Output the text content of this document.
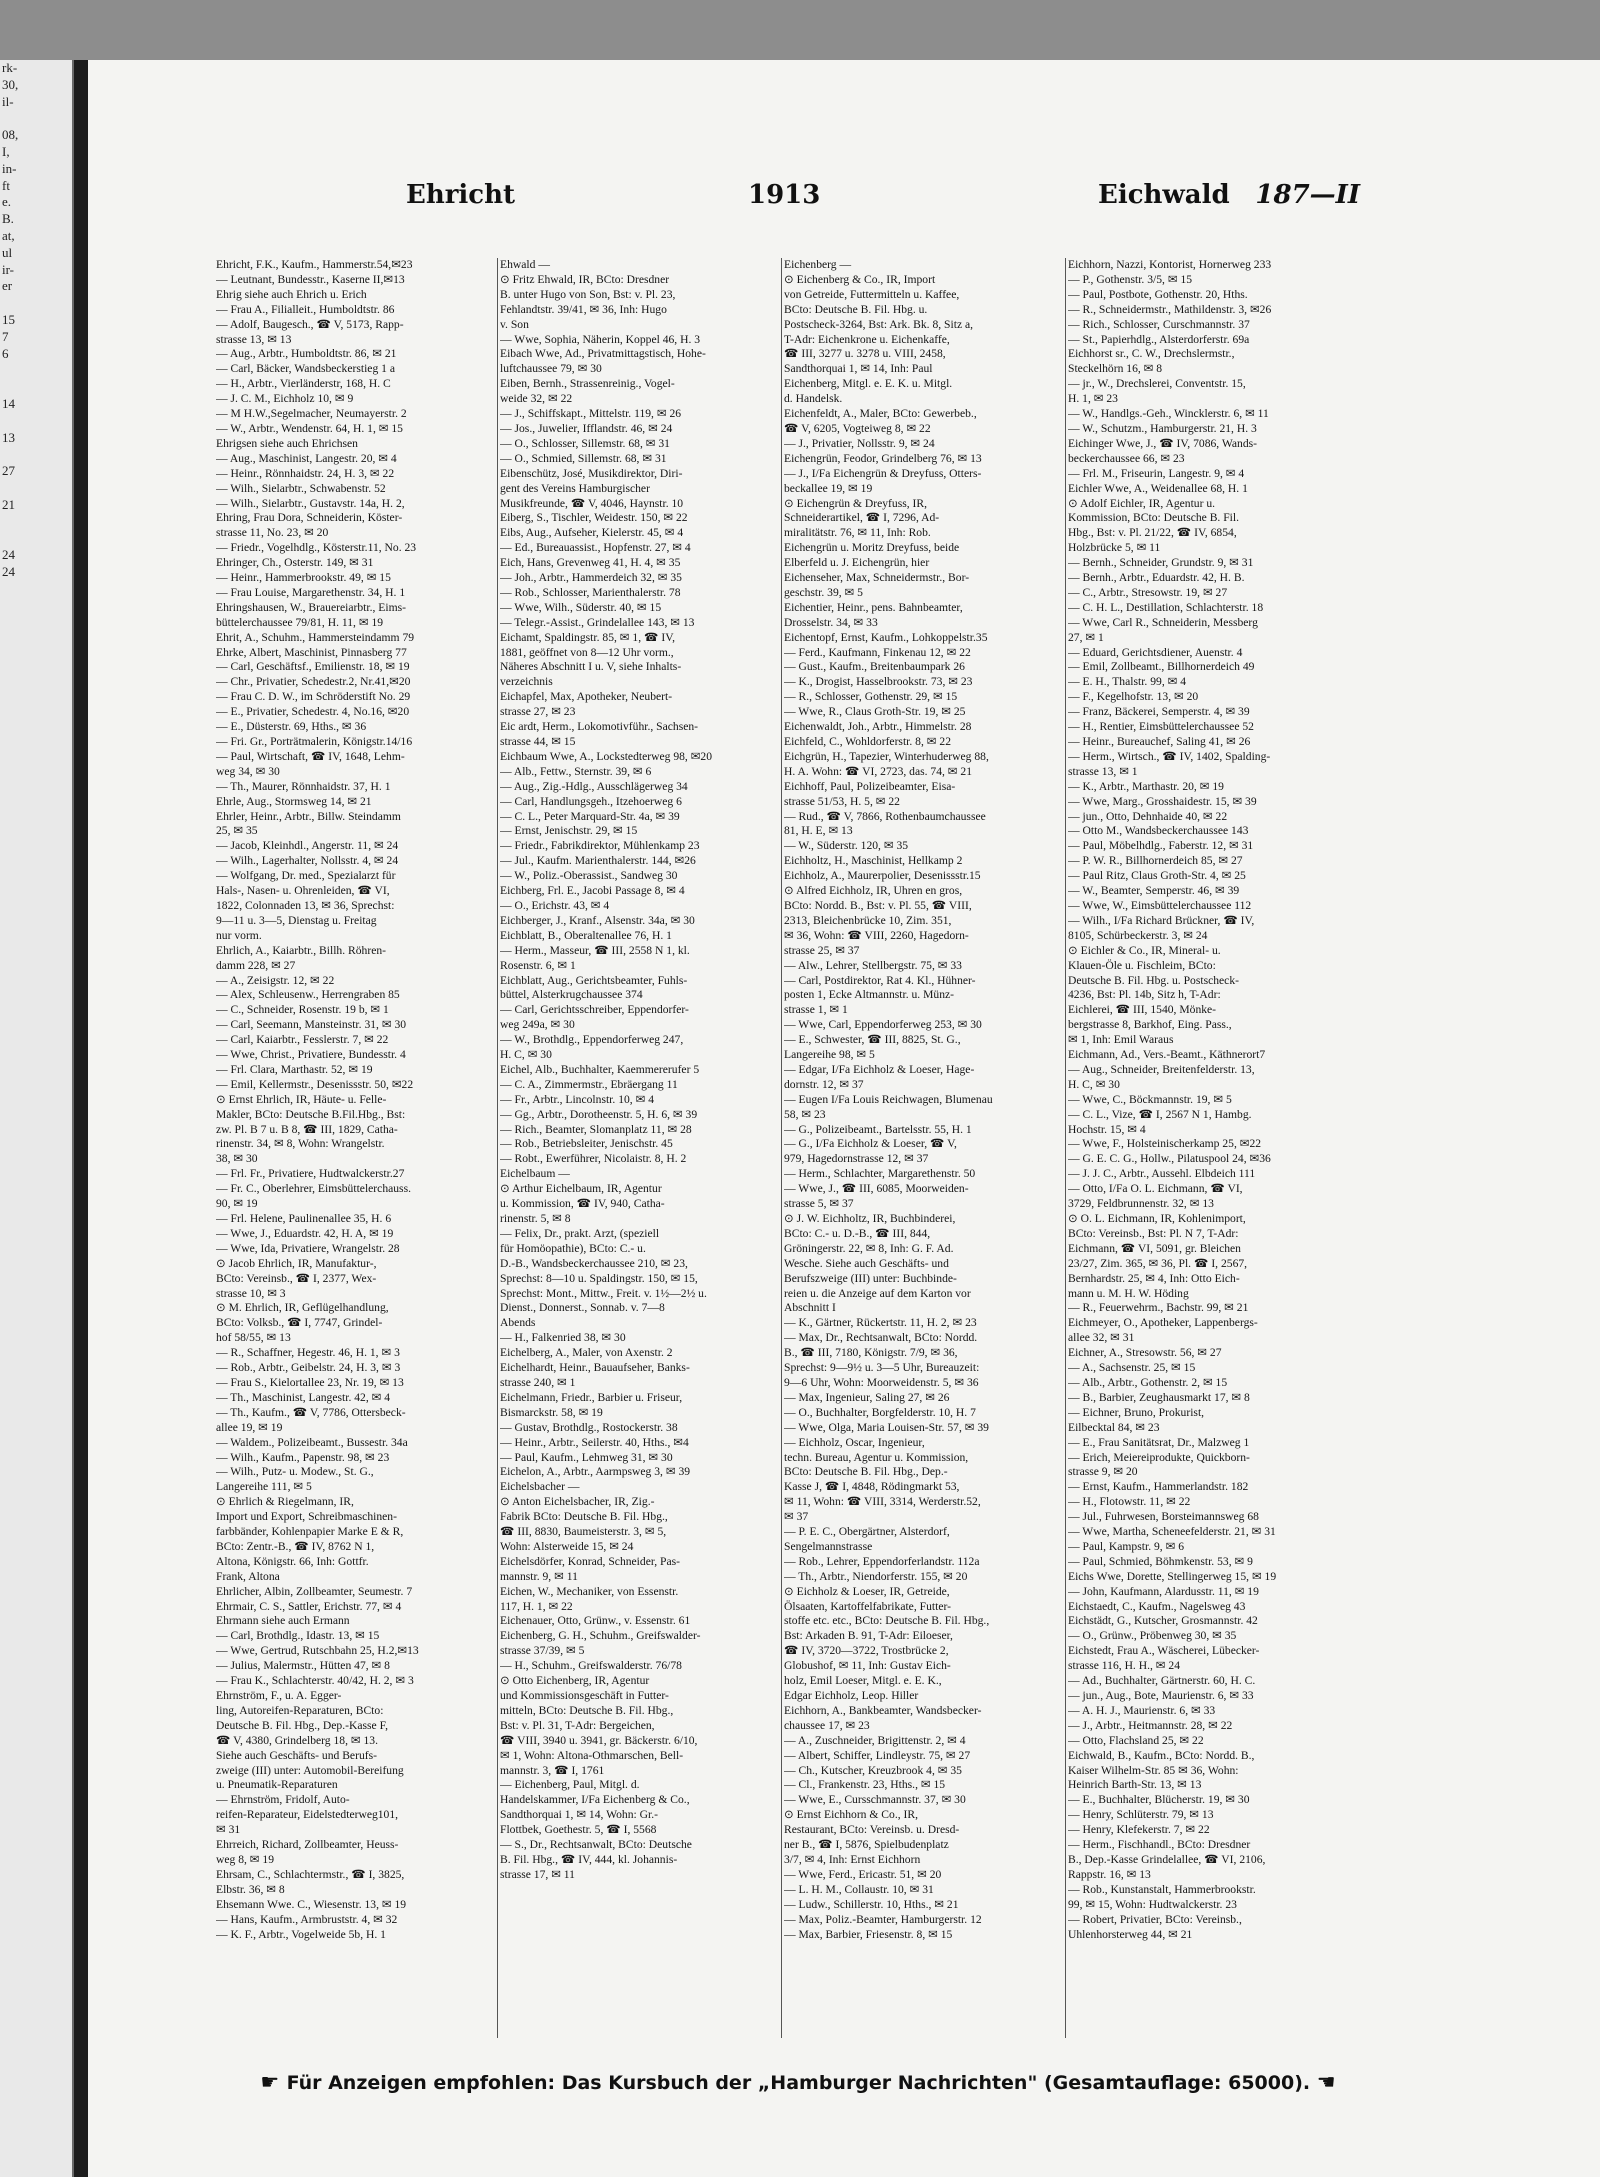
rk-
30,
il-

08,
I,
in-
ft
e.
B.
at,
ul
ir-
er

15
7
6

14

13

27

21

24
24

Ehricht	1913	Eichwald 187—II
Ehricht, F.K., Kaufm., Hammerstr.54,✉23
— Leutnant, Bundesstr., Kaserne II,✉13
Ehrig siehe auch Ehrich u. Erich
— Frau A., Filialleit., Humboldtstr. 86
— Adolf, Baugesch., ☎ V, 5173, Rapp-
strasse 13, ✉ 13
— Aug., Arbtr., Humboldtstr. 86, ✉ 21
— Carl, Bäcker, Wandsbeckerstieg 1 a
— H., Arbtr., Vierländerstr, 168, H. C
— J. C. M., Eichholz 10, ✉ 9
— M H.W.,Segelmacher, Neumayerstr. 2
— W., Arbtr., Wendenstr. 64, H. 1, ✉ 15
Ehrigsen siehe auch Ehrichsen
— Aug., Maschinist, Langestr. 20, ✉ 4
— Heinr., Rönnhaidstr. 24, H. 3, ✉ 22
— Wilh., Sielarbtr., Schwabenstr. 52
— Wilh., Sielarbtr., Gustavstr. 14a, H. 2,
Ehring, Frau Dora, Schneiderin, Köster-
strasse 11, No. 23, ✉ 20
— Friedr., Vogelhdlg., Kösterstr.11, No. 23
Ehringer, Ch., Osterstr. 149, ✉ 31
— Heinr., Hammerbrookstr. 49, ✉ 15
— Frau Louise, Margarethenstr. 34, H. 1
Ehringshausen, W., Brauereiarbtr., Eims-
büttelerchaussee 79/81, H. 11, ✉ 19
Ehrit, A., Schuhm., Hammersteindamm 79
Ehrke, Albert, Maschinist, Pinnasberg 77
— Carl, Geschäftsf., Emilienstr. 18, ✉ 19
— Chr., Privatier, Schedestr.2, Nr.41,✉20
— Frau C. D. W., im Schröderstift No. 29
— E., Privatier, Schedestr. 4, No.16, ✉20
— E., Düsterstr. 69, Hths., ✉ 36
— Fri. Gr., Porträtmalerin, Königstr.14/16
— Paul, Wirtschaft, ☎ IV, 1648, Lehm-
weg 34, ✉ 30
— Th., Maurer, Rönnhaidstr. 37, H. 1
Ehrle, Aug., Stormsweg 14, ✉ 21
Ehrler, Heinr., Arbtr., Billw. Steindamm
25, ✉ 35
— Jacob, Kleinhdl., Angerstr. 11, ✉ 24
— Wilh., Lagerhalter, Nollsstr. 4, ✉ 24
— Wolfgang, Dr. med., Spezialarzt für
Hals-, Nasen- u. Ohrenleiden, ☎ VI,
1822, Colonnaden 13, ✉ 36, Sprechst:
9—11 u. 3—5, Dienstag u. Freitag
nur vorm.
Ehrlich, A., Kaiarbtr., Billh. Röhren-
damm 228, ✉ 27
— A., Zeisigstr. 12, ✉ 22
— Alex, Schleusenw., Herrengraben 85
— C., Schneider, Rosenstr. 19 b, ✉ 1
— Carl, Seemann, Mansteinstr. 31, ✉ 30
— Carl, Kaiarbtr., Fesslerstr. 7, ✉ 22
— Wwe, Christ., Privatiere, Bundesstr. 4
— Frl. Clara, Marthastr. 52, ✉ 19
— Emil, Kellermstr., Desenissstr. 50, ✉22
⊙ Ernst Ehrlich, IR, Häute- u. Felle-
Makler, BCto: Deutsche B.Fil.Hbg., Bst:
zw. Pl. B 7 u. B 8, ☎ III, 1829, Catha-
rinenstr. 34, ✉ 8, Wohn: Wrangelstr.
38, ✉ 30
— Frl. Fr., Privatiere, Hudtwalckerstr.27
— Fr. C., Oberlehrer, Eimsbüttelerchauss.
90, ✉ 19
— Frl. Helene, Paulinenallee 35, H. 6
— Wwe, J., Eduardstr. 42, H. A, ✉ 19
— Wwe, Ida, Privatiere, Wrangelstr. 28
⊙ Jacob Ehrlich, IR, Manufaktur-,
BCto: Vereinsb., ☎ I, 2377, Wex-
strasse 10, ✉ 3
⊙ M. Ehrlich, IR, Geflügelhandlung,
BCto: Volksb., ☎ I, 7747, Grindel-
hof 58/55, ✉ 13
— R., Schaffner, Hegestr. 46, H. 1, ✉ 3
— Rob., Arbtr., Geibelstr. 24, H. 3, ✉ 3
— Frau S., Kielortallee 23, Nr. 19, ✉ 13
— Th., Maschinist, Langestr. 42, ✉ 4
— Th., Kaufm., ☎ V, 7786, Ottersbeck-
allee 19, ✉ 19
— Waldem., Polizeibeamt., Bussestr. 34a
— Wilh., Kaufm., Papenstr. 98, ✉ 23
— Wilh., Putz- u. Modew., St. G.,
Langereihe 111, ✉ 5
⊙ Ehrlich & Riegelmann, IR,
Import und Export, Schreibmaschinen-
farbbänder, Kohlenpapier Marke E & R,
BCto: Zentr.-B., ☎ IV, 8762 N 1,
Altona, Königstr. 66, Inh: Gottfr.
Frank, Altona
Ehrlicher, Albin, Zollbeamter, Seumestr. 7
Ehrmair, C. S., Sattler, Erichstr. 77, ✉ 4
Ehrmann siehe auch Ermann
— Carl, Brothdlg., Idastr. 13, ✉ 15
— Wwe, Gertrud, Rutschbahn 25, H.2,✉13
— Julius, Malermstr., Hütten 47, ✉ 8
— Frau K., Schlachterstr. 40/42, H. 2, ✉ 3
Ehrnström, F., u. A. Egger-
ling, Autoreifen-Reparaturen, BCto:
Deutsche B. Fil. Hbg., Dep.-Kasse F,
☎ V, 4380, Grindelberg 18, ✉ 13.
Siehe auch Geschäfts- und Berufs-
zweige (III) unter: Automobil-Bereifung
u. Pneumatik-Reparaturen
— Ehrnström, Fridolf, Auto-
reifen-Reparateur, Eidelstedterweg101,
✉ 31
Ehrreich, Richard, Zollbeamter, Heuss-
weg 8, ✉ 19
Ehrsam, C., Schlachtermstr., ☎ I, 3825,
Elbstr. 36, ✉ 8
Ehsemann Wwe. C., Wiesenstr. 13, ✉ 19
— Hans, Kaufm., Armbruststr. 4, ✉ 32
— K. F., Arbtr., Vogelweide 5b, H. 1
Ehwald —
⊙ Fritz Ehwald, IR, BCto: Dresdner
B. unter Hugo von Son, Bst: v. Pl. 23,
Fehlandtstr. 39/41, ✉ 36, Inh: Hugo
v. Son
— Wwe, Sophia, Näherin, Koppel 46, H. 3
Eibach Wwe, Ad., Privatmittagstisch, Hohe-
luftchaussee 79, ✉ 30
Eiben, Bernh., Strassenreinig., Vogel-
weide 32, ✉ 22
— J., Schiffskapt., Mittelstr. 119, ✉ 26
— Jos., Juwelier, Ifflandstr. 46, ✉ 24
— O., Schlosser, Sillemstr. 68, ✉ 31
— O., Schmied, Sillemstr. 68, ✉ 31
Eibenschütz, José, Musikdirektor, Diri-
gent des Vereins Hamburgischer
Musikfreunde, ☎ V, 4046, Haynstr. 10
Eiberg, S., Tischler, Weidestr. 150, ✉ 22
Eibs, Aug., Aufseher, Kielerstr. 45, ✉ 4
— Ed., Bureauassist., Hopfenstr. 27, ✉ 4
Eich, Hans, Grevenweg 41, H. 4, ✉ 35
— Joh., Arbtr., Hammerdeich 32, ✉ 35
— Rob., Schlosser, Marienthalerstr. 78
— Wwe, Wilh., Süderstr. 40, ✉ 15
— Telegr.-Assist., Grindelallee 143, ✉ 13
Eichamt, Spaldingstr. 85, ✉ 1, ☎ IV,
1881, geöffnet von 8—12 Uhr vorm.,
Näheres Abschnitt I u. V, siehe Inhalts-
verzeichnis
Eichapfel, Max, Apotheker, Neubert-
strasse 27, ✉ 23
Eic ardt, Herm., Lokomotivführ., Sachsen-
strasse 44, ✉ 15
Eichbaum Wwe, A., Lockstedterweg 98, ✉20
— Alb., Fettw., Sternstr. 39, ✉ 6
— Aug., Zig.-Hdlg., Ausschlägerweg 34
— Carl, Handlungsgeh., Itzehoerweg 6
— C. L., Peter Marquard-Str. 4a, ✉ 39
— Ernst, Jenischstr. 29, ✉ 15
— Friedr., Fabrikdirektor, Mühlenkamp 23
— Jul., Kaufm. Marienthalerstr. 144, ✉26
— W., Poliz.-Oberassist., Sandweg 30
Eichberg, Frl. E., Jacobi Passage 8, ✉ 4
— O., Erichstr. 43, ✉ 4
Eichberger, J., Kranf., Alsenstr. 34a, ✉ 30
Eichblatt, B., Oberaltenallee 76, H. 1
— Herm., Masseur, ☎ III, 2558 N 1, kl.
Rosenstr. 6, ✉ 1
Eichblatt, Aug., Gerichtsbeamter, Fuhls-
büttel, Alsterkrugchaussee 374
— Carl, Gerichtsschreiber, Eppendorfer-
weg 249a, ✉ 30
— W., Brothdlg., Eppendorferweg 247,
H. C, ✉ 30
Eichel, Alb., Buchhalter, Kaemmererufer 5
— C. A., Zimmermstr., Ebräergang 11
— Fr., Arbtr., Lincolnstr. 10, ✉ 4
— Gg., Arbtr., Dorotheenstr. 5, H. 6, ✉ 39
— Rich., Beamter, Slomanplatz 11, ✉ 28
— Rob., Betriebsleiter, Jenischstr. 45
— Robt., Ewerführer, Nicolaistr. 8, H. 2
Eichelbaum —
⊙ Arthur Eichelbaum, IR, Agentur
u. Kommission, ☎ IV, 940, Catha-
rinenstr. 5, ✉ 8
— Felix, Dr., prakt. Arzt, (speziell
für Homöopathie), BCto: C.- u.
D.-B., Wandsbeckerchaussee 210, ✉ 23,
Sprechst: 8—10 u. Spaldingstr. 150, ✉ 15,
Sprechst: Mont., Mittw., Freit. v. 1½—2½ u.
Dienst., Donnerst., Sonnab. v. 7—8
Abends
— H., Falkenried 38, ✉ 30
Eichelberg, A., Maler, von Axenstr. 2
Eichelhardt, Heinr., Bauaufseher, Banks-
strasse 240, ✉ 1
Eichelmann, Friedr., Barbier u. Friseur,
Bismarckstr. 58, ✉ 19
— Gustav, Brothdlg., Rostockerstr. 38
— Heinr., Arbtr., Seilerstr. 40, Hths., ✉4
— Paul, Kaufm., Lehmweg 31, ✉ 30
Eichelon, A., Arbtr., Aarmpsweg 3, ✉ 39
Eichelsbacher —
⊙ Anton Eichelsbacher, IR, Zig.-
Fabrik BCto: Deutsche B. Fil. Hbg.,
☎ III, 8830, Baumeisterstr. 3, ✉ 5,
Wohn: Alsterweide 15, ✉ 24
Eichelsdörfer, Konrad, Schneider, Pas-
mannstr. 9, ✉ 11
Eichen, W., Mechaniker, von Essenstr.
117, H. 1, ✉ 22
Eichenauer, Otto, Grünw., v. Essenstr. 61
Eichenberg, G. H., Schuhm., Greifswalder-
strasse 37/39, ✉ 5
— H., Schuhm., Greifswalderstr. 76/78
⊙ Otto Eichenberg, IR, Agentur
und Kommissionsgeschäft in Futter-
mitteln, BCto: Deutsche B. Fil. Hbg.,
Bst: v. Pl. 31, T-Adr: Bergeichen,
☎ VIII, 3940 u. 3941, gr. Bäckerstr. 6/10,
✉ 1, Wohn: Altona-Othmarschen, Bell-
mannstr. 3, ☎ I, 1761
— Eichenberg, Paul, Mitgl. d.
Handelskammer, I/Fa Eichenberg & Co.,
Sandthorquai 1, ✉ 14, Wohn: Gr.-
Flottbek, Goethestr. 5, ☎ I, 5568
— S., Dr., Rechtsanwalt, BCto: Deutsche
B. Fil. Hbg., ☎ IV, 444, kl. Johannis-
strasse 17, ✉ 11
Eichenberg —
⊙ Eichenberg & Co., IR, Import
von Getreide, Futtermitteln u. Kaffee,
BCto: Deutsche B. Fil. Hbg. u.
Postscheck-3264, Bst: Ark. Bk. 8, Sitz a,
T-Adr: Eichenkrone u. Eichenkaffe,
☎ III, 3277 u. 3278 u. VIII, 2458,
Sandthorquai 1, ✉ 14, Inh: Paul
Eichenberg, Mitgl. e. E. K. u. Mitgl.
d. Handelsk.
Eichenfeldt, A., Maler, BCto: Gewerbeb.,
☎ V, 6205, Vogteiweg 8, ✉ 22
— J., Privatier, Nollsstr. 9, ✉ 24
Eichengrün, Feodor, Grindelberg 76, ✉ 13
— J., I/Fa Eichengrün & Dreyfuss, Otters-
beckallee 19, ✉ 19
⊙ Eichengrün & Dreyfuss, IR,
Schneiderartikel, ☎ I, 7296, Ad-
miralitätstr. 76, ✉ 11, Inh: Rob.
Eichengrün u. Moritz Dreyfuss, beide
Elberfeld u. J. Eichengrün, hier
Eichenseher, Max, Schneidermstr., Bor-
geschstr. 39, ✉ 5
Eichentier, Heinr., pens. Bahnbeamter,
Drosselstr. 34, ✉ 33
Eichentopf, Ernst, Kaufm., Lohkoppelstr.35
— Ferd., Kaufmann, Finkenau 12, ✉ 22
— Gust., Kaufm., Breitenbaumpark 26
— K., Drogist, Hasselbrookstr. 73, ✉ 23
— R., Schlosser, Gothenstr. 29, ✉ 15
— Wwe, R., Claus Groth-Str. 19, ✉ 25
Eichenwaldt, Joh., Arbtr., Himmelstr. 28
Eichfeld, C., Wohldorferstr. 8, ✉ 22
Eichgrün, H., Tapezier, Winterhuderweg 88,
H. A. Wohn: ☎ VI, 2723, das. 74, ✉ 21
Eichhoff, Paul, Polizeibeamter, Eisa-
strasse 51/53, H. 5, ✉ 22
— Rud., ☎ V, 7866, Rothenbaumchaussee
81, H. E, ✉ 13
— W., Süderstr. 120, ✉ 35
Eichholtz, H., Maschinist, Hellkamp 2
Eichholz, A., Maurerpolier, Desenissstr.15
⊙ Alfred Eichholz, IR, Uhren en gros,
BCto: Nordd. B., Bst: v. Pl. 55, ☎ VIII,
2313, Bleichenbrücke 10, Zim. 351,
✉ 36, Wohn: ☎ VIII, 2260, Hagedorn-
strasse 25, ✉ 37
— Alw., Lehrer, Stellbergstr. 75, ✉ 33
— Carl, Postdirektor, Rat 4. Kl., Hühner-
posten 1, Ecke Altmannstr. u. Münz-
strasse 1, ✉ 1
— Wwe, Carl, Eppendorferweg 253, ✉ 30
— E., Schwester, ☎ III, 8825, St. G.,
Langereihe 98, ✉ 5
— Edgar, I/Fa Eichholz & Loeser, Hage-
dornstr. 12, ✉ 37
— Eugen I/Fa Louis Reichwagen, Blumenau
58, ✉ 23
— G., Polizeibeamt., Bartelsstr. 55, H. 1
— G., I/Fa Eichholz & Loeser, ☎ V,
979, Hagedornstrasse 12, ✉ 37
— Herm., Schlachter, Margarethenstr. 50
— Wwe, J., ☎ III, 6085, Moorweiden-
strasse 5, ✉ 37
⊙ J. W. Eichholtz, IR, Buchbinderei,
BCto: C.- u. D.-B., ☎ III, 844,
Gröningerstr. 22, ✉ 8, Inh: G. F. Ad.
Wesche. Siehe auch Geschäfts- und
Berufszweige (III) unter: Buchbinde-
reien u. die Anzeige auf dem Karton vor
Abschnitt I
— K., Gärtner, Rückertstr. 11, H. 2, ✉ 23
— Max, Dr., Rechtsanwalt, BCto: Nordd.
B., ☎ III, 7180, Königstr. 7/9, ✉ 36,
Sprechst: 9—9½ u. 3—5 Uhr, Bureauzeit:
9—6 Uhr, Wohn: Moorweidenstr. 5, ✉ 36
— Max, Ingenieur, Saling 27, ✉ 26
— O., Buchhalter, Borgfelderstr. 10, H. 7
— Wwe, Olga, Maria Louisen-Str. 57, ✉ 39
— Eichholz, Oscar, Ingenieur,
techn. Bureau, Agentur u. Kommission,
BCto: Deutsche B. Fil. Hbg., Dep.-
Kasse J, ☎ I, 4848, Rödingmarkt 53,
✉ 11, Wohn: ☎ VIII, 3314, Werderstr.52,
✉ 37
— P. E. C., Obergärtner, Alsterdorf,
Sengelmannstrasse
— Rob., Lehrer, Eppendorferlandstr. 112a
— Th., Arbtr., Niendorferstr. 155, ✉ 20
⊙ Eichholz & Loeser, IR, Getreide,
Ölsaaten, Kartoffelfabrikate, Futter-
stoffe etc. etc., BCto: Deutsche B. Fil. Hbg.,
Bst: Arkaden B. 91, T-Adr: Eiloeser,
☎ IV, 3720—3722, Trostbrücke 2,
Globushof, ✉ 11, Inh: Gustav Eich-
holz, Emil Loeser, Mitgl. e. E. K.,
Edgar Eichholz, Leop. Hiller
Eichhorn, A., Bankbeamter, Wandsbecker-
chaussee 17, ✉ 23
— A., Zuschneider, Brigittenstr. 2, ✉ 4
— Albert, Schiffer, Lindleystr. 75, ✉ 27
— Ch., Kutscher, Kreuzbrook 4, ✉ 35
— Cl., Frankenstr. 23, Hths., ✉ 15
— Wwe, E., Cursschmannstr. 37, ✉ 30
⊙ Ernst Eichhorn & Co., IR,
Restaurant, BCto: Vereinsb. u. Dresd-
ner B., ☎ I, 5876, Spielbudenplatz
3/7, ✉ 4, Inh: Ernst Eichhorn
— Wwe, Ferd., Ericastr. 51, ✉ 20
— L. H. M., Collaustr. 10, ✉ 31
— Ludw., Schillerstr. 10, Hths., ✉ 21
— Max, Poliz.-Beamter, Hamburgerstr. 12
— Max, Barbier, Friesenstr. 8, ✉ 15
Eichhorn, Nazzi, Kontorist, Hornerweg 233
— P., Gothenstr. 3/5, ✉ 15
— Paul, Postbote, Gothenstr. 20, Hths.
— R., Schneidermstr., Mathildenstr. 3, ✉26
— Rich., Schlosser, Curschmannstr. 37
— St., Papierhdlg., Alsterdorferstr. 69a
Eichhorst sr., C. W., Drechslermstr.,
Steckelhörn 16, ✉ 8
— jr., W., Drechslerei, Conventstr. 15,
H. 1, ✉ 23
— W., Handlgs.-Geh., Wincklerstr. 6, ✉ 11
— W., Schutzm., Hamburgerstr. 21, H. 3
Eichinger Wwe, J., ☎ IV, 7086, Wands-
beckerchaussee 66, ✉ 23
— Frl. M., Friseurin, Langestr. 9, ✉ 4
Eichler Wwe, A., Weidenallee 68, H. 1
⊙ Adolf Eichler, IR, Agentur u.
Kommission, BCto: Deutsche B. Fil.
Hbg., Bst: v. Pl. 21/22, ☎ IV, 6854,
Holzbrücke 5, ✉ 11
— Bernh., Schneider, Grundstr. 9, ✉ 31
— Bernh., Arbtr., Eduardstr. 42, H. B.
— C., Arbtr., Stresowstr. 19, ✉ 27
— C. H. L., Destillation, Schlachterstr. 18
— Wwe, Carl R., Schneiderin, Messberg
27, ✉ 1
— Eduard, Gerichtsdiener, Auenstr. 4
— Emil, Zollbeamt., Billhornerdeich 49
— E. H., Thalstr. 99, ✉ 4
— F., Kegelhofstr. 13, ✉ 20
— Franz, Bäckerei, Semperstr. 4, ✉ 39
— H., Rentier, Eimsbüttelerchaussee 52
— Heinr., Bureauchef, Saling 41, ✉ 26
— Herm., Wirtsch., ☎ IV, 1402, Spalding-
strasse 13, ✉ 1
— K., Arbtr., Marthastr. 20, ✉ 19
— Wwe, Marg., Grosshaidestr. 15, ✉ 39
— jun., Otto, Dehnhaide 40, ✉ 22
— Otto M., Wandsbeckerchaussee 143
— Paul, Möbelhdlg., Faberstr. 12, ✉ 31
— P. W. R., Billhornerdeich 85, ✉ 27
— Paul Ritz, Claus Groth-Str. 4, ✉ 25
— W., Beamter, Semperstr. 46, ✉ 39
— Wwe, W., Eimsbüttelerchaussee 112
— Wilh., I/Fa Richard Brückner, ☎ IV,
8105, Schürbeckerstr. 3, ✉ 24
⊙ Eichler & Co., IR, Mineral- u.
Klauen-Öle u. Fischleim, BCto:
Deutsche B. Fil. Hbg. u. Postscheck-
4236, Bst: Pl. 14b, Sitz h, T-Adr:
Eichlerei, ☎ III, 1540, Mönke-
bergstrasse 8, Barkhof, Eing. Pass.,
✉ 1, Inh: Emil Waraus
Eichmann, Ad., Vers.-Beamt., Käthnerort7
— Aug., Schneider, Breitenfelderstr. 13,
H. C, ✉ 30
— Wwe, C., Böckmannstr. 19, ✉ 5
— C. L., Vize, ☎ I, 2567 N 1, Hambg.
Hochstr. 15, ✉ 4
— Wwe, F., Holsteinischerkamp 25, ✉22
— G. E. C. G., Hollw., Pilatuspool 24, ✉36
— J. J. C., Arbtr., Aussehl. Elbdeich 111
— Otto, I/Fa O. L. Eichmann, ☎ VI,
3729, Feldbrunnenstr. 32, ✉ 13
⊙ O. L. Eichmann, IR, Kohlenimport,
BCto: Vereinsb., Bst: Pl. N 7, T-Adr:
Eichmann, ☎ VI, 5091, gr. Bleichen
23/27, Zim. 365, ✉ 36, Pl. ☎ I, 2567,
Bernhardstr. 25, ✉ 4, Inh: Otto Eich-
mann u. M. H. W. Höding
— R., Feuerwehrm., Bachstr. 99, ✉ 21
Eichmeyer, O., Apotheker, Lappenbergs-
allee 32, ✉ 31
Eichner, A., Stresowstr. 56, ✉ 27
— A., Sachsenstr. 25, ✉ 15
— Alb., Arbtr., Gothenstr. 2, ✉ 15
— B., Barbier, Zeughausmarkt 17, ✉ 8
— Eichner, Bruno, Prokurist,
Eilbecktal 84, ✉ 23
— E., Frau Sanitätsrat, Dr., Malzweg 1
— Erich, Meiereiprodukte, Quickborn-
strasse 9, ✉ 20
— Ernst, Kaufm., Hammerlandstr. 182
— H., Flotowstr. 11, ✉ 22
— Jul., Fuhrwesen, Borsteimannsweg 68
— Wwe, Martha, Scheneefelderstr. 21, ✉ 31
— Paul, Kampstr. 9, ✉ 6
— Paul, Schmied, Böhmkenstr. 53, ✉ 9
Eichs Wwe, Dorette, Stellingerweg 15, ✉ 19
— John, Kaufmann, Alardusstr. 11, ✉ 19
Eichstaedt, C., Kaufm., Nagelsweg 43
Eichstädt, G., Kutscher, Grosmannstr. 42
— O., Grünw., Pröbenweg 30, ✉ 35
Eichstedt, Frau A., Wäscherei, Lübecker-
strasse 116, H. H., ✉ 24
— Ad., Buchhalter, Gärtnerstr. 60, H. C.
— jun., Aug., Bote, Maurienstr. 6, ✉ 33
— A. H. J., Maurienstr. 6, ✉ 33
— J., Arbtr., Heitmannstr. 28, ✉ 22
— Otto, Flachsland 25, ✉ 22
Eichwald, B., Kaufm., BCto: Nordd. B.,
Kaiser Wilhelm-Str. 85 ✉ 36, Wohn:
Heinrich Barth-Str. 13, ✉ 13
— E., Buchhalter, Blücherstr. 19, ✉ 30
— Henry, Schlüterstr. 79, ✉ 13
— Henry, Klefekerstr. 7, ✉ 22
— Herm., Fischhandl., BCto: Dresdner
B., Dep.-Kasse Grindelallee, ☎ VI, 2106,
Rappstr. 16, ✉ 13
— Rob., Kunstanstalt, Hammerbrookstr.
99, ✉ 15, Wohn: Hudtwalckerstr. 23
— Robert, Privatier, BCto: Vereinsb.,
Uhlenhorsterweg 44, ✉ 21
☛ Für Anzeigen empfohlen: Das Kursbuch der „Hamburger Nachrichten" (Gesamtauflage: 65000). ☚
